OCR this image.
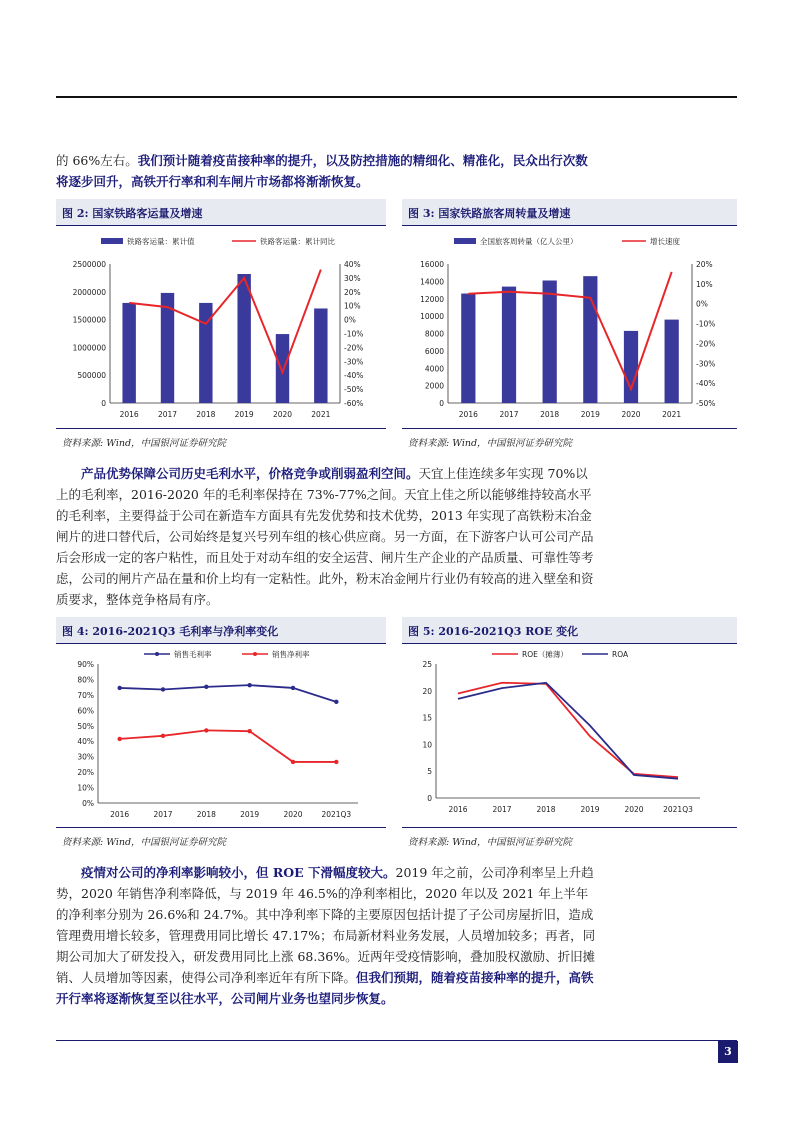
的 66%左右。我们预计随着疫苗接种率的提升，以及防控措施的精细化、精准化，民众出行次数将逐步回升，高铁开行率和利车闸片市场都将渐渐恢复。

图 2: 国家铁路客运量及增速	图 3: 国家铁路旅客周转量及增速
铁路客运量：累计值	铁路客运量：累计同比
2500000
2000000
1500000
1000000
500000
0
40%
30%
20%
10%
0%
-10%
-20%
-30%
-40%
-50%
-60%
2016	2017	2018	2019	2020	2021
全国旅客周转量（亿人公里）	增长速度
16000
14000
12000
10000
8000
6000
4000
2000
0
20%
10%
0%
-10%
-20%
-30%
-40%
-50%
2016	2017	2018	2019	2020	2021
资料来源: Wind，中国银河证券研究院	资料来源: Wind，中国银河证券研究院

产品优势保障公司历史毛利水平，价格竞争或削弱盈利空间。天宜上佳连续多年实现 70%以上的毛利率，2016-2020 年的毛利率保持在 73%-77%之间。天宜上佳之所以能够维持较高水平的毛利率，主要得益于公司在新造车方面具有先发优势和技术优势，2013 年实现了高铁粉末冶金闸片的进口替代后，公司始终是复兴号列车组的核心供应商。另一方面，在下游客户认可公司产品后会形成一定的客户粘性，而且处于对动车组的安全运营、闸片生产企业的产品质量、可靠性等考虑，公司的闸片产品在量和价上均有一定粘性。此外，粉末冶金闸片行业仍有较高的进入壁垒和资质要求，整体竞争格局有序。

图 4: 2016-2021Q3 毛利率与净利率变化	图 5: 2016-2021Q3 ROE 变化
90%
80%
70%
60%
50%
40%
30%
20%
10%
0%
2016	2017	2018	2019	2020	2021Q3
销售毛利率	销售净利率
25
20
15
10
5
0
2016	2017	2018	2019	2020	2021Q3
ROE（摊薄）	ROA
资料来源: Wind，中国银河证券研究院	资料来源: Wind，中国银河证券研究院

疫情对公司的净利率影响较小，但 ROE 下滑幅度较大。2019 年之前，公司净利率呈上升趋势，2020 年销售净利率降低，与 2019 年 46.5%的净利率相比，2020 年以及 2021 年上半年的净利率分别为 26.6%和 24.7%。其中净利率下降的主要原因包括计提了子公司房屋折旧，造成管理费用增长较多，管理费用同比增长 47.17%；布局新材料业务发展，人员增加较多；再者，同期公司加大了研发投入，研发费用同比上涨 68.36%。近两年受疫情影响，叠加股权激励、折旧摊销、人员增加等因素，使得公司净利率近年有所下降。但我们预期，随着疫苗接种率的提升，高铁开行率将逐渐恢复至以往水平，公司闸片业务也望同步恢复。

3
